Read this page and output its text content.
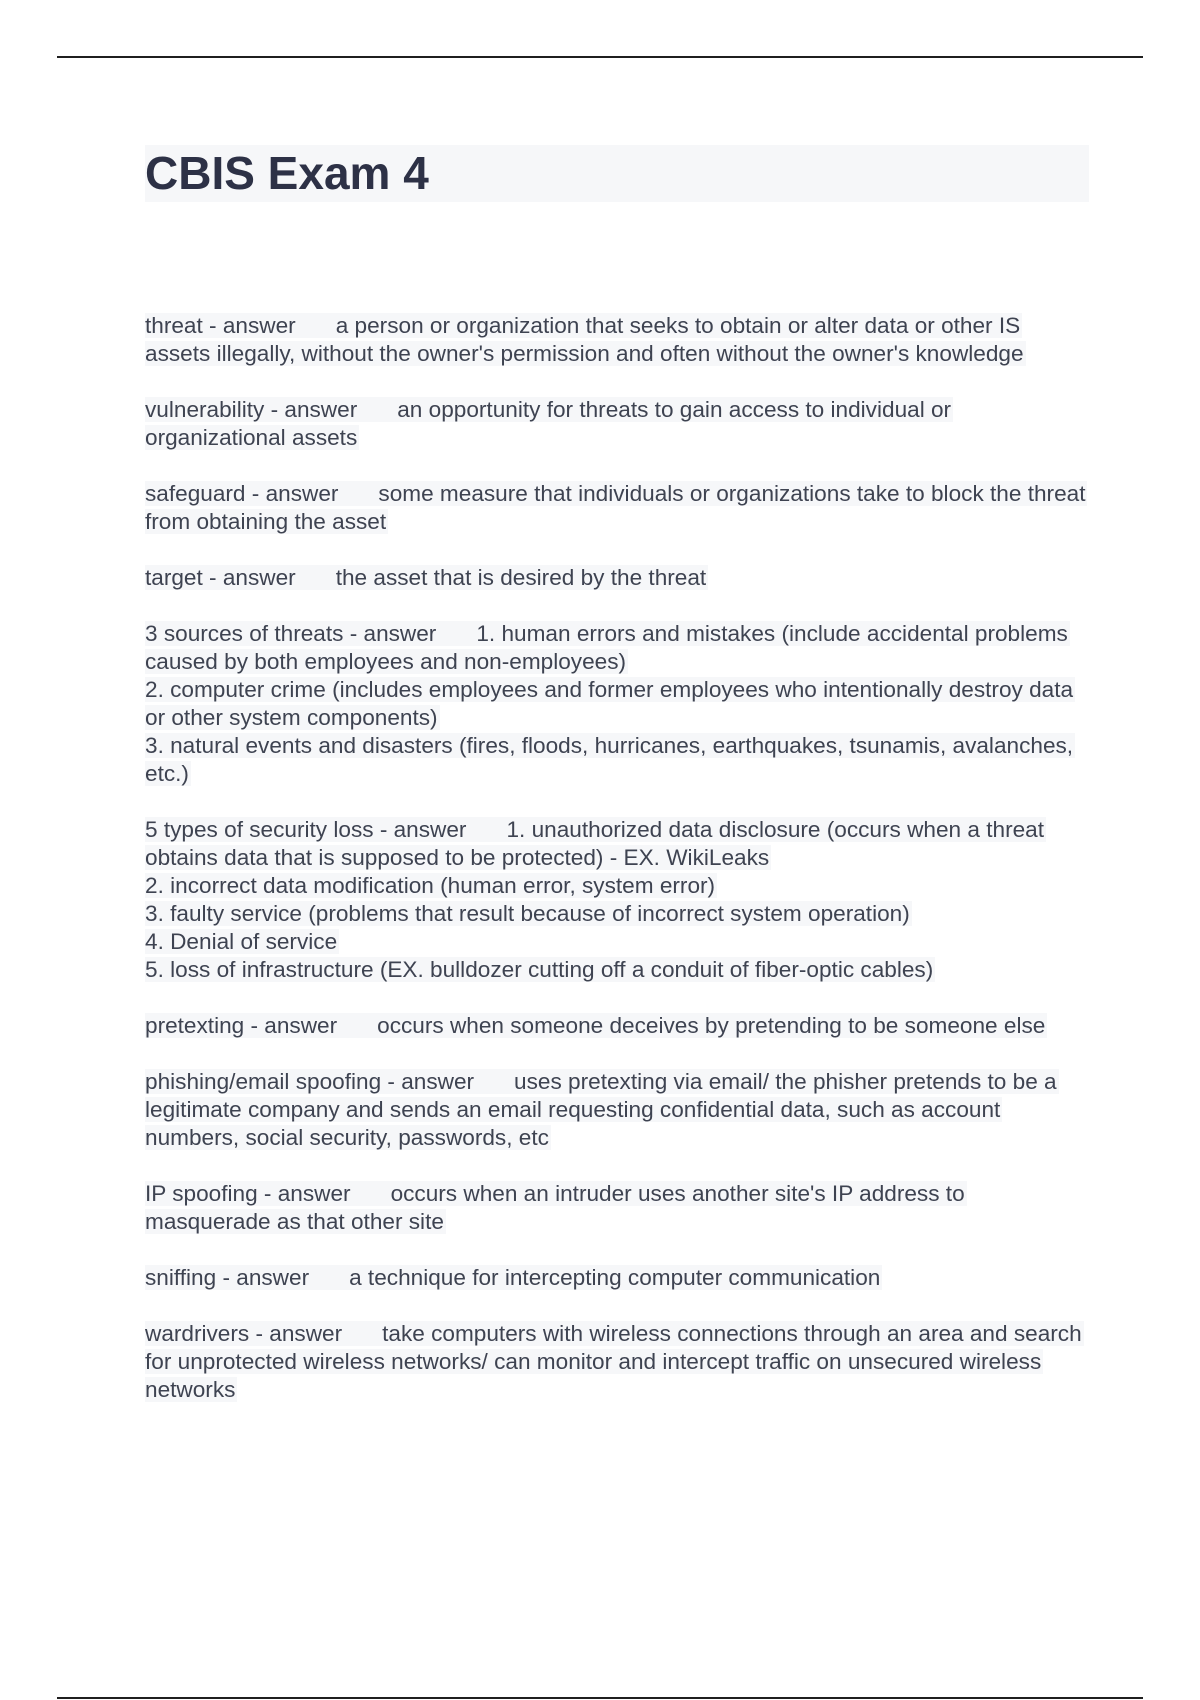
CBIS Exam 4

threat - answer a person or organization that seeks to obtain or alter data or other IS assets illegally, without the owner's permission and often without the owner's knowledge

vulnerability - answer an opportunity for threats to gain access to individual or organizational assets

safeguard - answer some measure that individuals or organizations take to block the threat from obtaining the asset

target - answer the asset that is desired by the threat

3 sources of threats - answer 1. human errors and mistakes (include accidental problems caused by both employees and non-employees)
2. computer crime (includes employees and former employees who intentionally destroy data or other system components)
3. natural events and disasters (fires, floods, hurricanes, earthquakes, tsunamis, avalanches, etc.)

5 types of security loss - answer 1. unauthorized data disclosure (occurs when a threat obtains data that is supposed to be protected) - EX. WikiLeaks
2. incorrect data modification (human error, system error)
3. faulty service (problems that result because of incorrect system operation)
4. Denial of service
5. loss of infrastructure (EX. bulldozer cutting off a conduit of fiber-optic cables)

pretexting - answer occurs when someone deceives by pretending to be someone else

phishing/email spoofing - answer uses pretexting via email/ the phisher pretends to be a legitimate company and sends an email requesting confidential data, such as account numbers, social security, passwords, etc

IP spoofing - answer occurs when an intruder uses another site's IP address to masquerade as that other site

sniffing - answer a technique for intercepting computer communication

wardrivers - answer take computers with wireless connections through an area and search for unprotected wireless networks/ can monitor and intercept traffic on unsecured wireless networks
